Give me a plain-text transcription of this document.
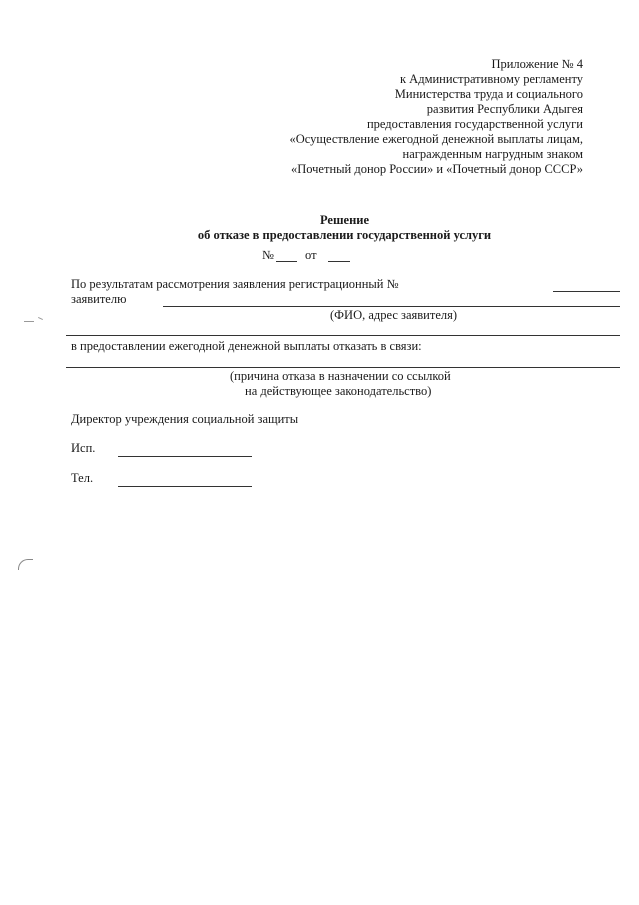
Приложение № 4
к Административному регламенту
Министерства труда и социального
развития Республики Адыгея
предоставления государственной услуги
«Осуществление ежегодной денежной выплаты лицам,
награжденным нагрудным знаком
«Почетный донор России» и «Почетный донор СССР»
Решение
об отказе в предоставлении государственной услуги
№ от
По результатам рассмотрения заявления регистрационный №
заявителю
(ФИО, адрес заявителя)
в предоставлении ежегодной денежной выплаты отказать в связи:
(причина отказа в назначении со ссылкой
на действующее законодательство)
Директор учреждения социальной защиты
Исп.
Тел.
